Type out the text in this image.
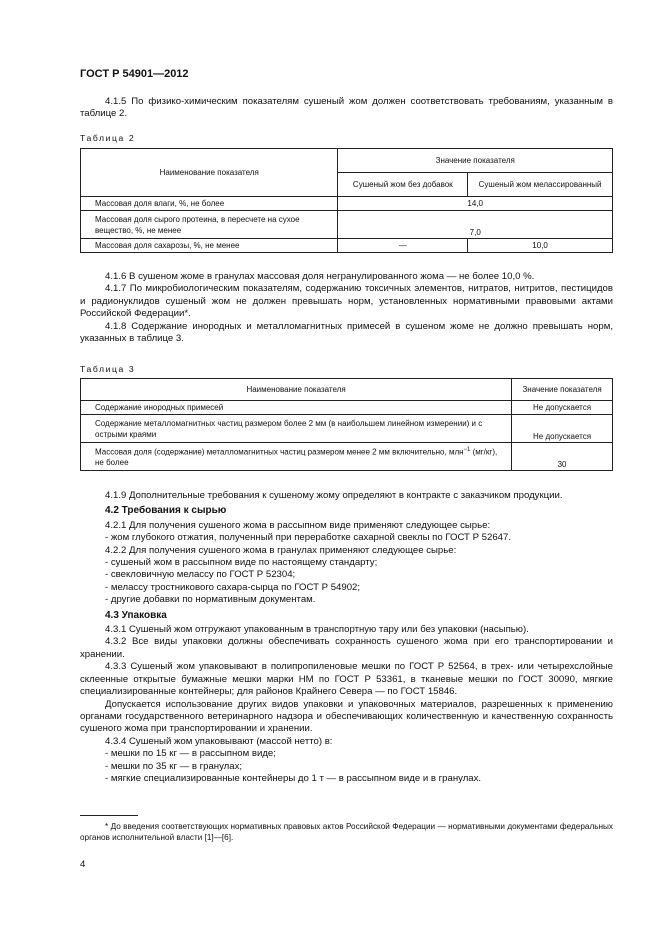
ГОСТ Р 54901—2012

4.1.5 По физико-химическим показателям сушеный жом должен соответствовать требованиям, указанным в таблице 2.

Таблица 2
Наименование показателя	Значение показателя	
	Сушеный жом без добавок	Сушеный жом мелассированный
Массовая доля влаги, %, не более	14,0	
Массовая доля сырого протеина, в пересчете на сухое вещество, %, не менее	7,0	
Массовая доля сахарозы, %, не менее	—	10,0

4.1.6 В сушеном жоме в гранулах массовая доля негранулированного жома — не более 10,0 %.

4.1.7 По микробиологическим показателям, содержанию токсичных элементов, нитратов, нитритов, пестицидов и радионуклидов сушеный жом не должен превышать норм, установленных нормативными правовыми актами Российской Федерации*.

4.1.8 Содержание инородных и металломагнитных примесей в сушеном жоме не должно превышать норм, указанных в таблице 3.

Таблица 3
Наименование показателя	Значение показателя
Содержание инородных примесей	Не допускается
Содержание металломагнитных частиц размером более 2 мм (в наибольшем линейном измерении) и с острыми краями	Не допускается
Массовая доля (содержание) металломагнитных частиц размером менее 2 мм включительно, млн$^{-1}$ (мг/кг), не более	30

4.1.9 Дополнительные требования к сушеному жому определяют в контракте с заказчиком продукции.

4.2 Требования к сырью

4.2.1 Для получения сушеного жома в рассыпном виде применяют следующее сырье:

- жом глубокого отжатия, полученный при переработке сахарной свеклы по ГОСТ Р 52647.

4.2.2 Для получения сушеного жома в гранулах применяют следующее сырье:

- сушеный жом в рассыпном виде по настоящему стандарту;

- свекловичную мелассу по ГОСТ Р 52304;

- мелассу тростникового сахара-сырца по ГОСТ Р 54902;

- другие добавки по нормативным документам.

4.3 Упаковка

4.3.1 Сушеный жом отгружают упакованным в транспортную тару или без упаковки (насыпью).

4.3.2 Все виды упаковки должны обеспечивать сохранность сушеного жома при его транспортировании и хранении.

4.3.3 Сушеный жом упаковывают в полипропиленовые мешки по ГОСТ Р 52564, в трех- или четырехслойные склеенные открытые бумажные мешки марки НМ по ГОСТ Р 53361, в тканевые мешки по ГОСТ 30090, мягкие специализированные контейнеры; для районов Крайнего Севера — по ГОСТ 15846.

Допускается использование других видов упаковки и упаковочных материалов, разрешенных к применению органами государственного ветеринарного надзора и обеспечивающих количественную и качественную сохранность сушеного жома при транспортировании и хранении.

4.3.4 Сушеный жом упаковывают (массой нетто) в:

- мешки по 15 кг — в рассыпном виде;

- мешки по 35 кг — в гранулах;

- мягкие специализированные контейнеры до 1 т — в рассыпном виде и в гранулах.

* До введения соответствующих нормативных правовых актов Российской Федерации — нормативными документами федеральных органов исполнительной власти [1]—[6].

4
